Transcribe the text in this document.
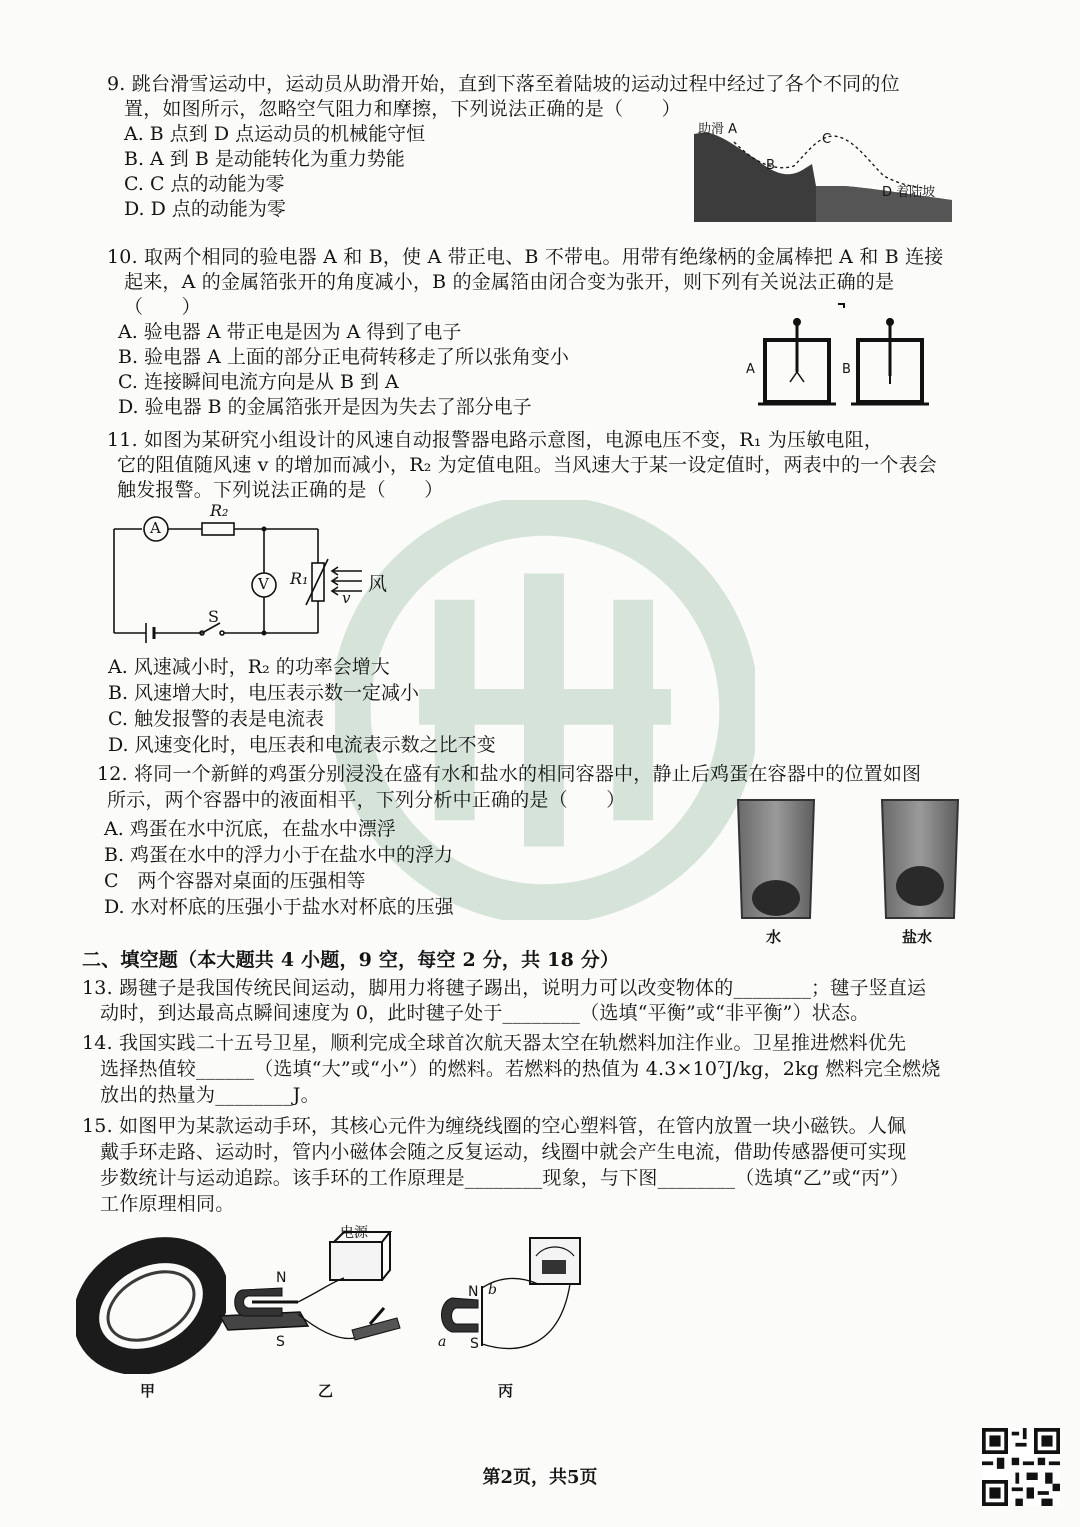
9. 跳台滑雪运动中，运动员从助滑开始，直到下落至着陆坡的运动过程中经过了各个不同的位
置，如图所示，忽略空气阻力和摩擦，下列说法正确的是（　　）
A. B 点到 D 点运动员的机械能守恒
B. A 到 B 是动能转化为重力势能
C. C 点的动能为零
D. D 点的动能为零
助滑 A
B
C
D 着陆坡
10. 取两个相同的验电器 A 和 B，使 A 带正电、B 不带电。用带有绝缘柄的金属棒把 A 和 B 连接
起来，A 的金属箔张开的角度减小，B 的金属箔由闭合变为张开，则下列有关说法正确的是
（　　）
A. 验电器 A 带正电是因为 A 得到了电子
B. 验电器 A 上面的部分正电荷转移走了所以张角变小
C. 连接瞬间电流方向是从 B 到 A
D. 验电器 B 的金属箔张开是因为失去了部分电子
A	B
11. 如图为某研究小组设计的风速自动报警器电路示意图，电源电压不变，R₁ 为压敏电阻，
它的阻值随风速 v 的增加而减小，R₂ 为定值电阻。当风速大于某一设定值时，两表中的一个表会
触发报警。下列说法正确的是（　　）
A
R₂
V R₁
S
风
v
A. 风速减小时，R₂ 的功率会增大
B. 风速增大时，电压表示数一定减小
C. 触发报警的表是电流表
D. 风速变化时，电压表和电流表示数之比不变
12. 将同一个新鲜的鸡蛋分别浸没在盛有水和盐水的相同容器中，静止后鸡蛋在容器中的位置如图
所示，两个容器中的液面相平，下列分析中正确的是（　　）
A. 鸡蛋在水中沉底，在盐水中漂浮
B. 鸡蛋在水中的浮力小于在盐水中的浮力
C　两个容器对桌面的压强相等
D. 水对杯底的压强小于盐水对杯底的压强
水	盐水
二、填空题（本大题共 4 小题，9 空，每空 2 分，共 18 分）
13. 踢毽子是我国传统民间运动，脚用力将毽子踢出，说明力可以改变物体的________；毽子竖直运
动时，到达最高点瞬间速度为 0，此时毽子处于________（选填“平衡”或“非平衡”）状态。
14. 我国实践二十五号卫星，顺利完成全球首次航天器太空在轨燃料加注作业。卫星推进燃料优先
选择热值较______（选填“大”或“小”）的燃料。若燃料的热值为 4.3×10⁷J/kg，2kg 燃料完全燃烧
放出的热量为________J。
15. 如图甲为某款运动手环，其核心元件为缠绕线圈的空心塑料管，在管内放置一块小磁铁。人佩
戴手环走路、运动时，管内小磁体会随之反复运动，线圈中就会产生电流，借助传感器便可实现
步数统计与运动追踪。该手环的工作原理是________现象，与下图________（选填“乙”或“丙”）
工作原理相同。
甲
电源
N
S
乙
N
S
a
b
丙
第2页，共5页
